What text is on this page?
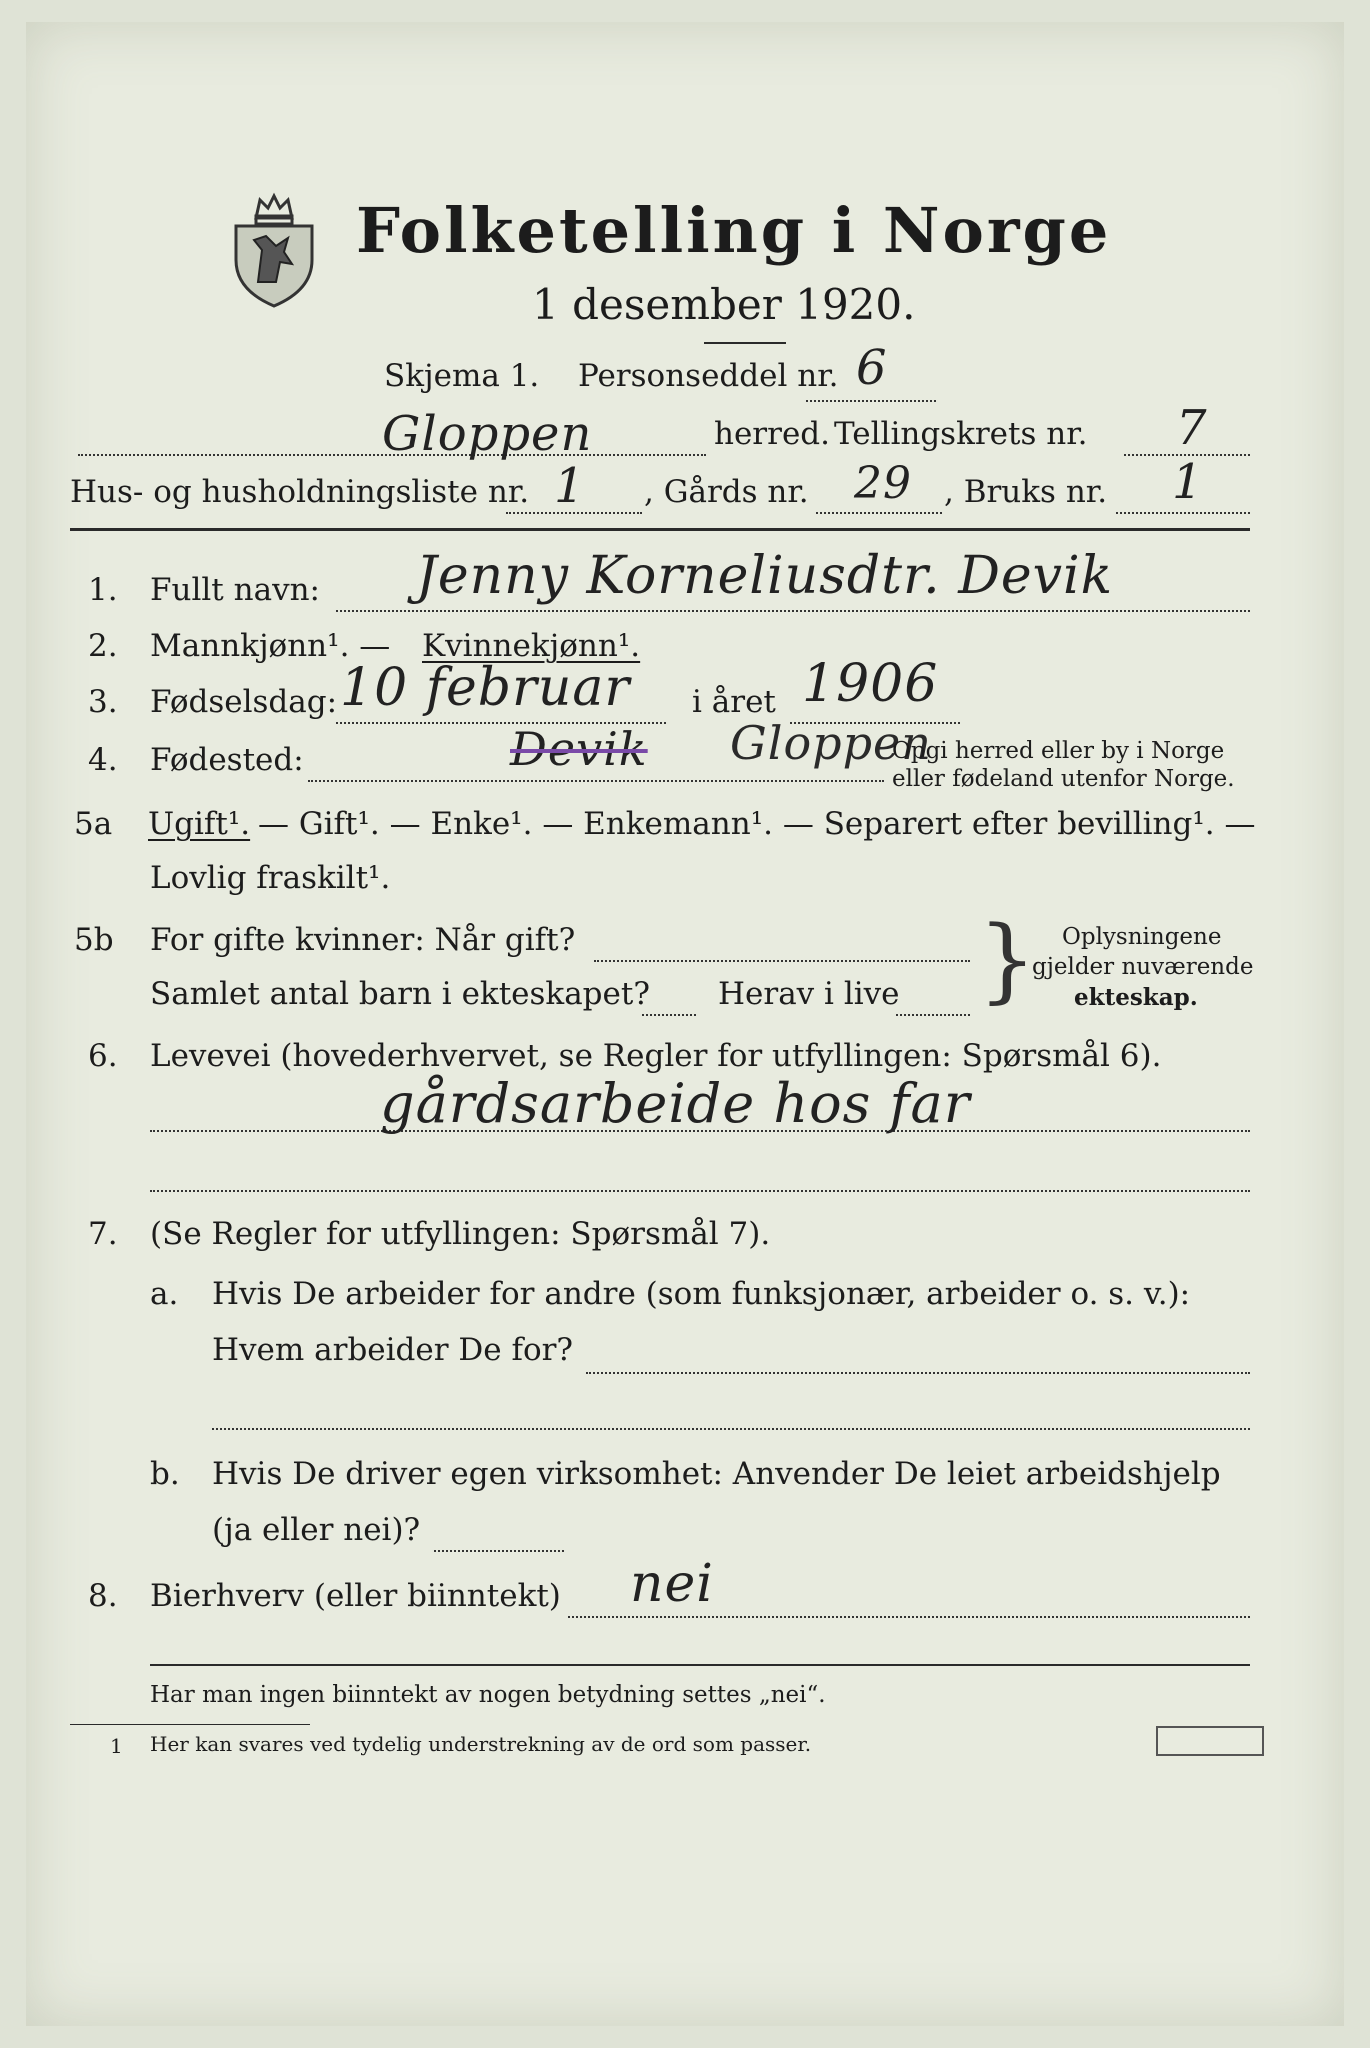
Folketelling i Norge
1 desember 1920.
Skjema 1. Personseddel nr. 6
Gloppen	herred. Tellingskrets nr. 7
Hus- og husholdningsliste nr. 1 , Gårds nr. 29 , Bruks nr. 1
1. Fullt navn: Jenny Korneliusdtr. Devik
2. Mannkjønn¹. — Kvinnekjønn¹.
3. Fødselsdag: 10 februar i året 1906
4. Fødested:	Devik Gloppen
Opgi herred eller by i Norge
eller fødeland utenfor Norge.
5a Ugift¹. — Gift¹. — Enke¹. — Enkemann¹. — Separert efter bevilling¹. —
Lovlig fraskilt¹.
5b For gifte kvinner: Når gift?
Samlet antal barn i ekteskapet? Herav i live } Oplysningene
gjelder nuværende
ekteskap.
6. Levevei (hovederhvervet, se Regler for utfyllingen: Spørsmål 6).
gårdsarbeide hos far
7. (Se Regler for utfyllingen: Spørsmål 7).
a. Hvis De arbeider for andre (som funksjonær, arbeider o. s. v.):
Hvem arbeider De for?
b. Hvis De driver egen virksomhet: Anvender De leiet arbeidshjelp
(ja eller nei)?
8. Bierhverv (eller biinntekt) nei
Har man ingen biinntekt av nogen betydning settes „nei“.
1 Her kan svares ved tydelig understrekning av de ord som passer.
